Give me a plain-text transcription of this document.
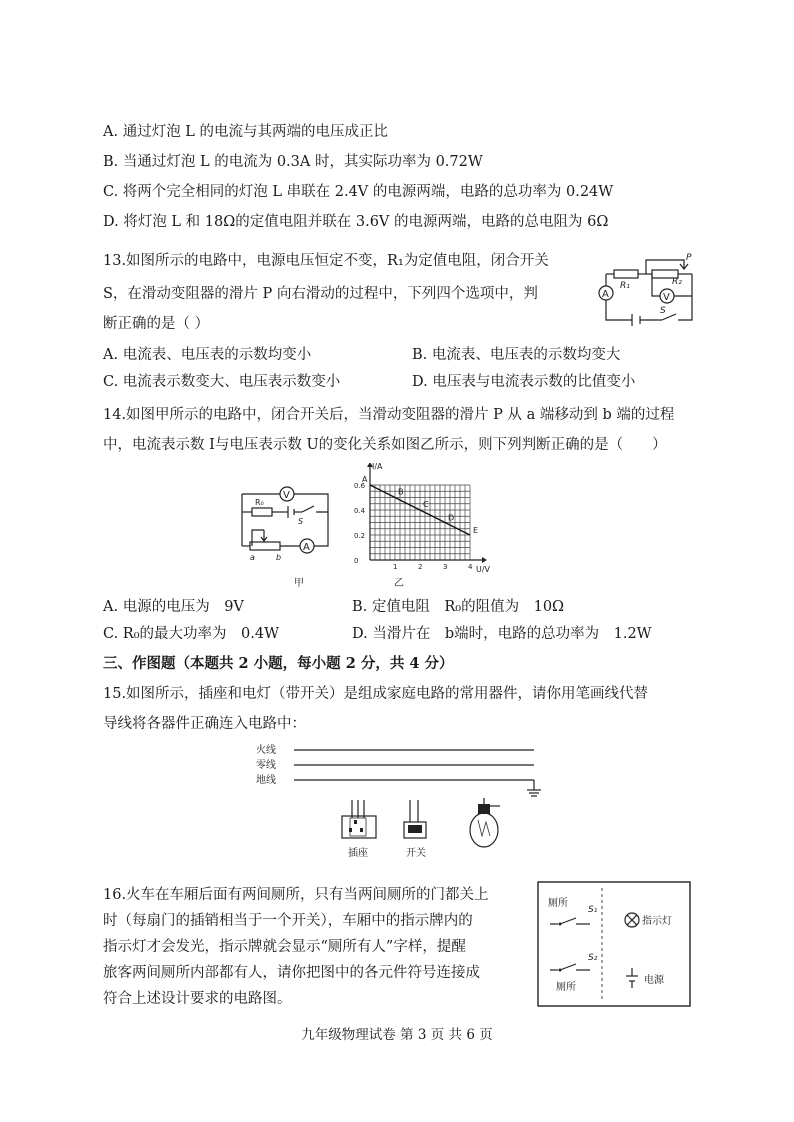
A. 通过灯泡 L 的电流与其两端的电压成正比
B. 当通过灯泡 L 的电流为 0.3A 时，其实际功率为 0.72W
C. 将两个完全相同的灯泡 L 串联在 2.4V 的电源两端，电路的总功率为 0.24W
D. 将灯泡 L 和 18Ω的定值电阻并联在 3.6V 的电源两端，电路的总电阻为 6Ω
13.如图所示的电路中，电源电压恒定不变，R₁为定值电阻，闭合开关
S，在滑动变阻器的滑片 P 向右滑动的过程中，下列四个选项中，判
断正确的是（ ）
A. 电流表、电压表的示数均变小	B. 电流表、电压表的示数均变大
C. 电流表示数变大、电压表示数变小	D. 电压表与电流表示数的比值变小
P
R₁	R₂
A	V
S
14.如图甲所示的电路中，闭合开关后，当滑动变阻器的滑片 P 从 a 端移动到 b 端的过程
中，电流表示数 I与电压表示数 U的变化关系如图乙所示，则下列判断正确的是（　　）
V
R₀
S
a	b
A
甲
I/A
U/V
1	2	3	4
0
0.2
0.4
0.6
A
B
C
D
E
乙
A. 电源的电压为　9V	B. 定值电阻　R₀的阻值为　10Ω
C. R₀的最大功率为　0.4W	D. 当滑片在　b端时，电路的总功率为　1.2W
三、作图题（本题共 2 小题，每小题 2 分，共 4 分）
15.如图所示，插座和电灯（带开关）是组成家庭电路的常用器件，请你用笔画线代替
导线将各器件正确连入电路中：
火线
零线
地线
插座	开关
16.火车在车厢后面有两间厕所，只有当两间厕所的门都关上
时（每扇门的插销相当于一个开关），车厢中的指示牌内的
指示灯才会发光，指示牌就会显示“厕所有人”字样，提醒
旅客两间厕所内部都有人，请你把图中的各元件符号连接成
符合上述设计要求的电路图。
厕所
S₁
S₂
厕所
指示灯
电源
九年级物理试卷 第 3 页 共 6 页
